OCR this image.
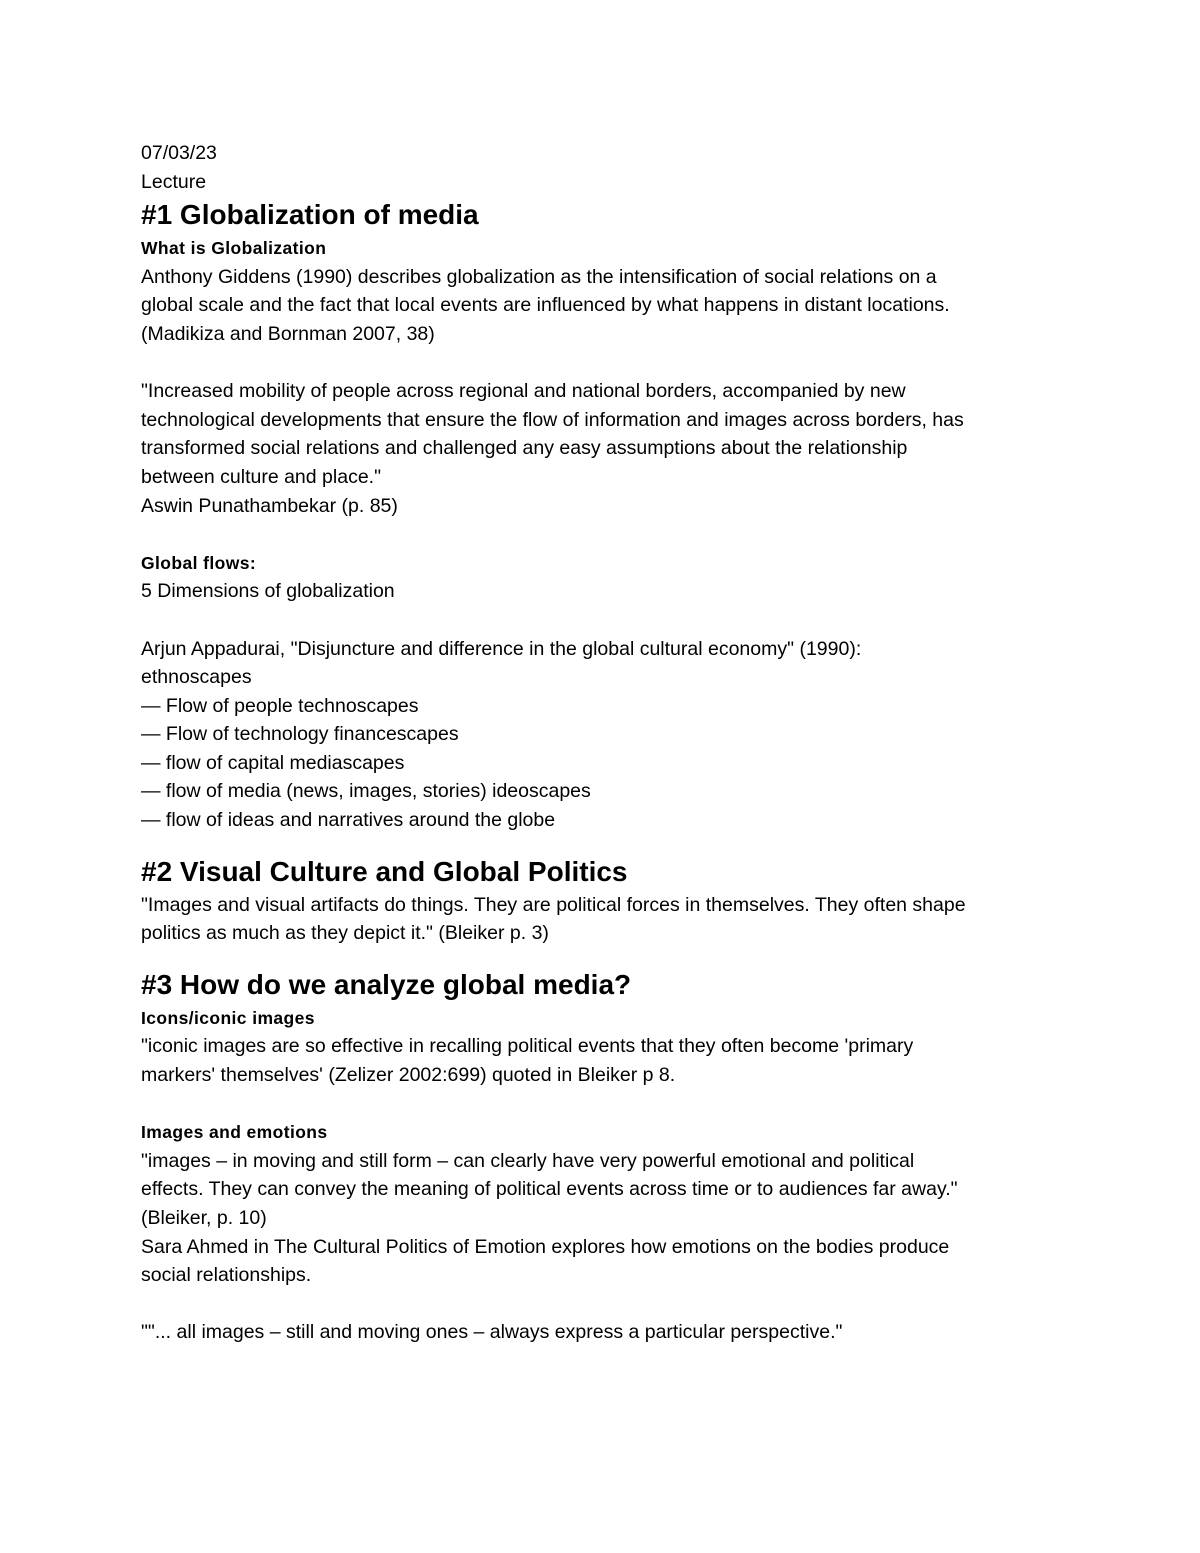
07/03/23

Lecture

#1 Globalization of media
What is Globalization

Anthony Giddens (1990) describes globalization as the intensification of social relations on a

global scale and the fact that local events are influenced by what happens in distant locations.

(Madikiza and Bornman 2007, 38)

"Increased mobility of people across regional and national borders, accompanied by new

technological developments that ensure the flow of information and images across borders, has

transformed social relations and challenged any easy assumptions about the relationship

between culture and place."

Aswin Punathambekar (p. 85)

Global flows:

5 Dimensions of globalization

Arjun Appadurai, "Disjuncture and difference in the global cultural economy" (1990):

ethnoscapes

— Flow of people technoscapes

— Flow of technology financescapes

— flow of capital mediascapes

— flow of media (news, images, stories) ideoscapes

— flow of ideas and narratives around the globe

#2 Visual Culture and Global Politics

"Images and visual artifacts do things. They are political forces in themselves. They often shape

politics as much as they depict it." (Bleiker p. 3)

#3 How do we analyze global media?
Icons/iconic images

"iconic images are so effective in recalling political events that they often become 'primary

markers' themselves' (Zelizer 2002:699) quoted in Bleiker p 8.

Images and emotions

"images – in moving and still form – can clearly have very powerful emotional and political

effects. They can convey the meaning of political events across time or to audiences far away."

(Bleiker, p. 10)

Sara Ahmed in The Cultural Politics of Emotion explores how emotions on the bodies produce

social relationships.

""... all images – still and moving ones – always express a particular perspective."
